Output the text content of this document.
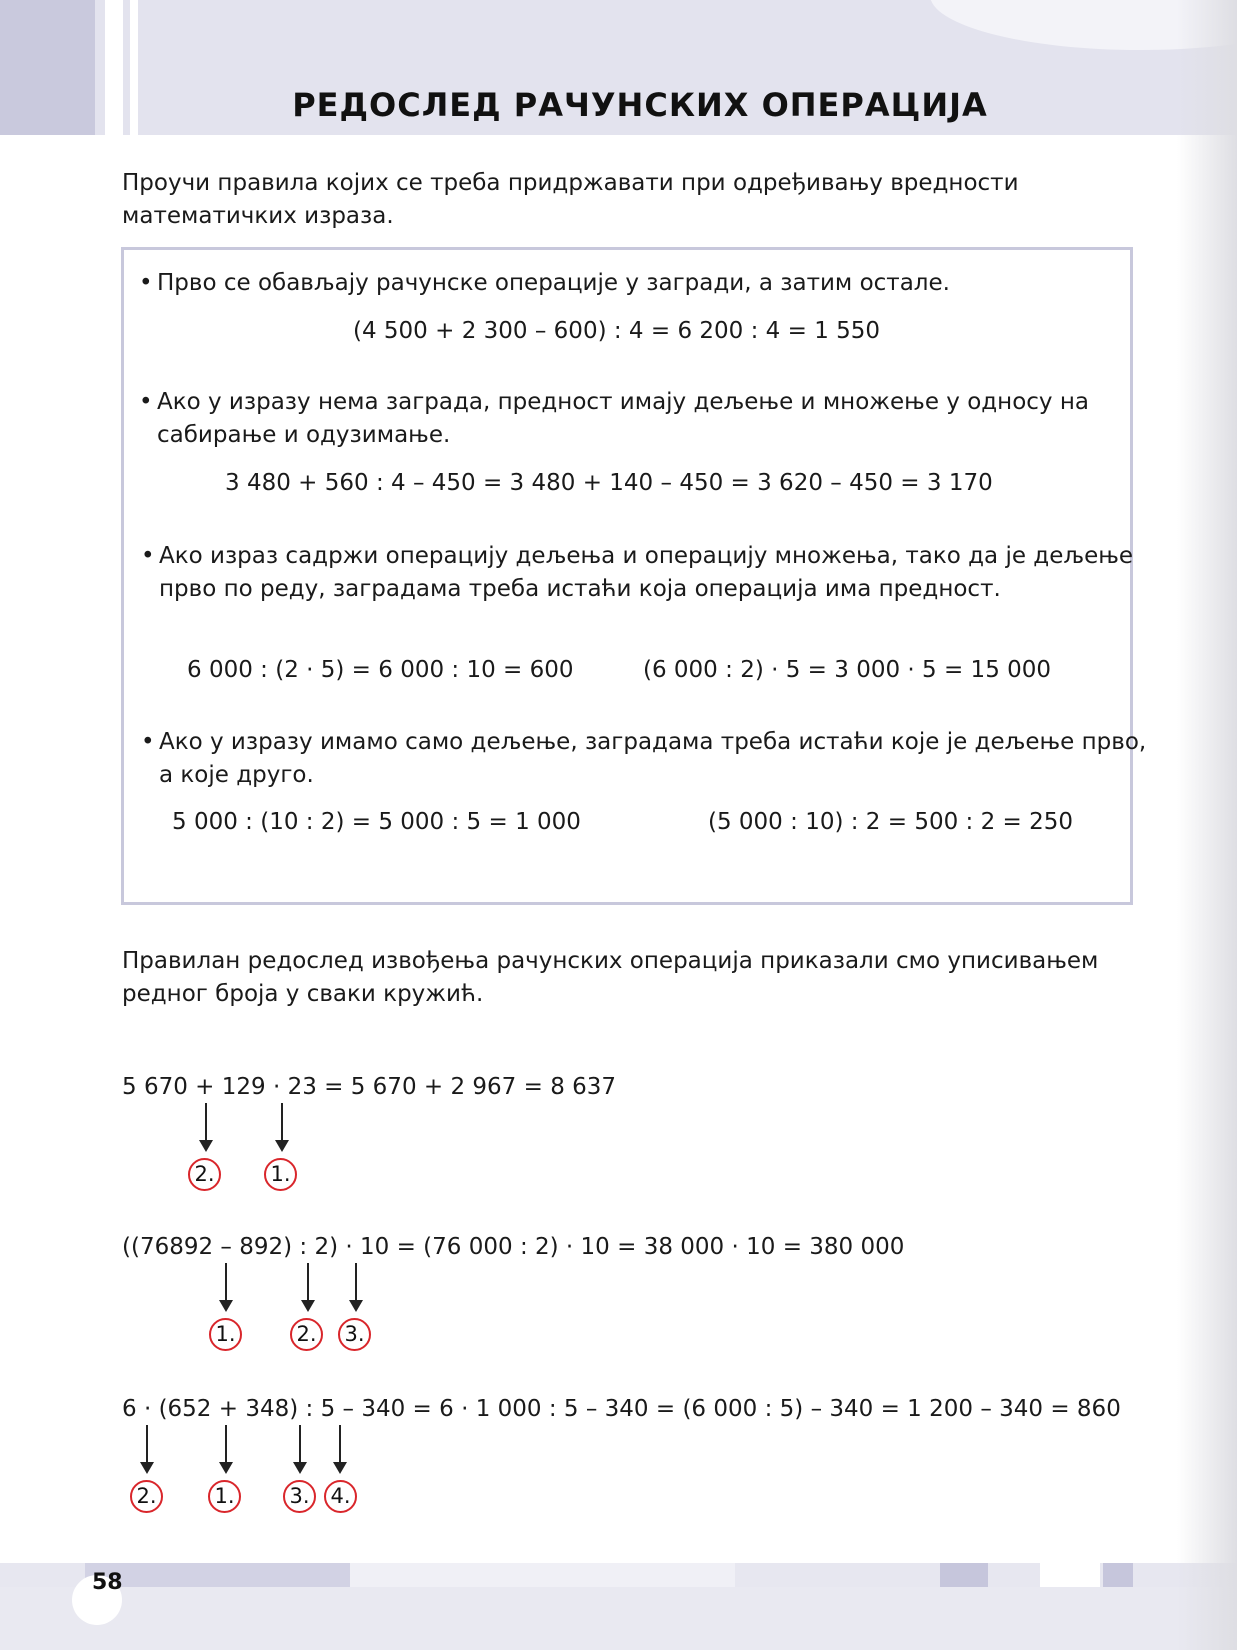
РЕДОСЛЕД РАЧУНСКИХ ОПЕРАЦИЈА
Проучи правила којих се треба придржавати при одређивању вредности
математичких израза.
• Прво се обављају рачунске операције у загради, а затим остале.
(4 500 + 2 300 – 600) : 4 = 6 200 : 4 = 1 550
• Ако у изразу нема заграда, предност имају дељење и множење у односу на
сабирање и одузимање.
3 480 + 560 : 4 – 450 = 3 480 + 140 – 450 = 3 620 – 450 = 3 170
• Ако израз садржи операцију дељења и операцију множења, тако да је дељење
прво по реду, заградама треба истаћи која операција има предност.
6 000 : (2 · 5) = 6 000 : 10 = 600	(6 000 : 2) · 5 = 3 000 · 5 = 15 000
• Ако у изразу имамо само дељење, заградама треба истаћи које је дељење прво,
а које друго.
5 000 : (10 : 2) = 5 000 : 5 = 1 000	(5 000 : 10) : 2 = 500 : 2 = 250
Правилан редослед извођења рачунских операција приказали смо уписивањем
редног броја у сваки кружић.
5 670 + 129 · 23 = 5 670 + 2 967 = 8 637
2.	1.
((76892 – 892) : 2) · 10 = (76 000 : 2) · 10 = 38 000 · 10 = 380 000
1.	2.	3.
6 · (652 + 348) : 5 – 340 = 6 · 1 000 : 5 – 340 = (6 000 : 5) – 340 = 1 200 – 340 = 860
2.	1.	3. 4.
58
